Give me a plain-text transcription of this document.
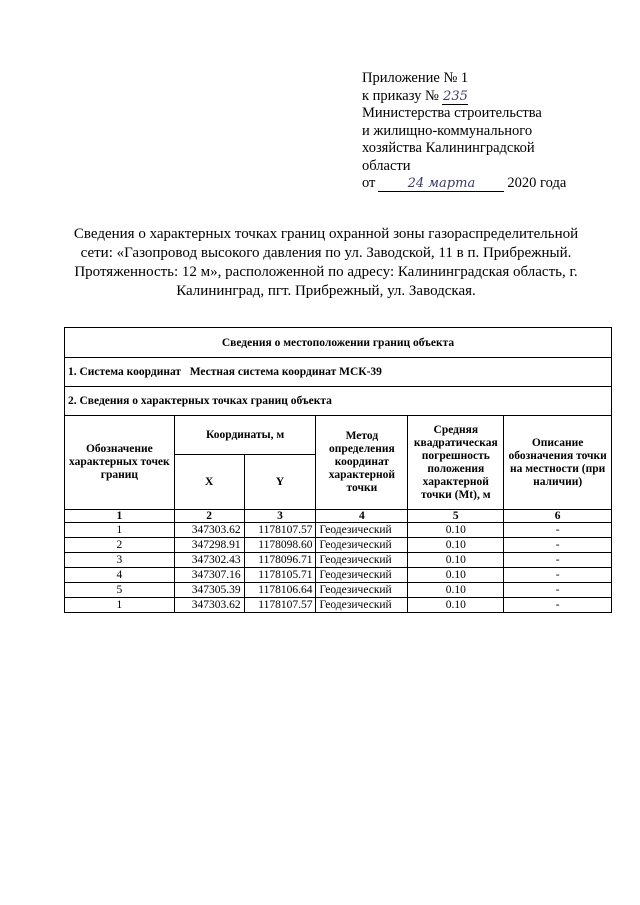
Приложение № 1
к приказу № 235
Министерства строительства
и жилищно-коммунального
хозяйства Калининградской
области
от 24 марта 2020 года
Сведения о характерных точках границ охранной зоны газораспределительной сети: «Газопровод высокого давления по ул. Заводской, 11 в п. Прибрежный. Протяженность: 12 м», расположенной по адресу: Калининградская область, г. Калининград, пгт. Прибрежный, ул. Заводская.
Сведения о местоположении границ объекта					
1. Система координат Местная система координат МСК-39					
2. Сведения о характерных точках границ объекта					
Обозначение характерных точек границ	Координаты, м		Метод определения координат характерной точки	Средняя квадратическая погрешность положения характерной точки (Mt), м	Описание обозначения точки на местности (при наличии)
	X	Y			
1	2	3	4	5	6
1	347303.62	1178107.57	Геодезический	0.10	-
2	347298.91	1178098.60	Геодезический	0.10	-
3	347302.43	1178096.71	Геодезический	0.10	-
4	347307.16	1178105.71	Геодезический	0.10	-
5	347305.39	1178106.64	Геодезический	0.10	-
1	347303.62	1178107.57	Геодезический	0.10	-
